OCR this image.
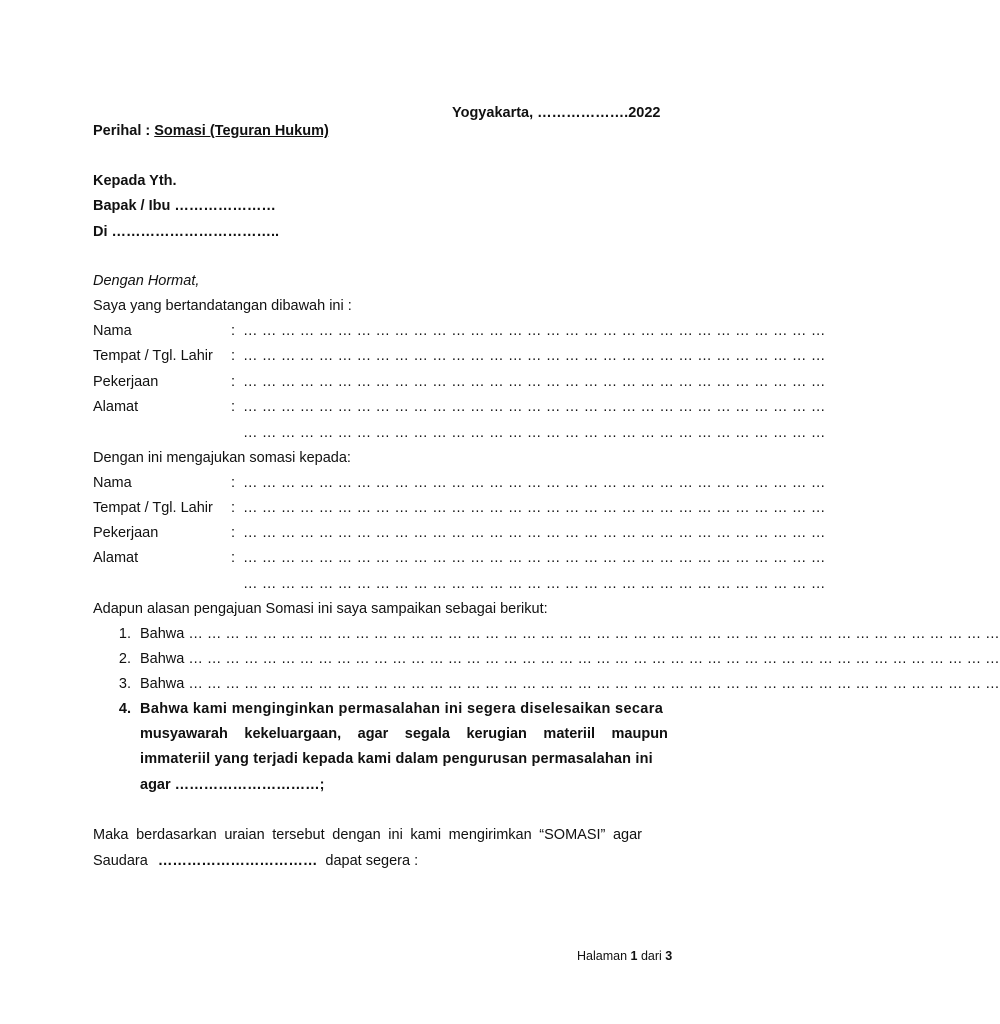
Yogyakarta, ……………….2022
Perihal : Somasi (Teguran Hukum)
Kepada Yth.
Bapak / Ibu …………………
Di ……………………………..
Dengan Hormat,
Saya yang bertandatangan dibawah ini :
Nama	: … … … … … … … … … … … … … … … … … … … … … … … … … … … … … … …
Tempat / Tgl. Lahir : … … … … … … … … … … … … … … … … … … … … … … … … … … … … … … …
Pekerjaan	: … … … … … … … … … … … … … … … … … … … … … … … … … … … … … … …
Alamat	: … … … … … … … … … … … … … … … … … … … … … … … … … … … … … … …
… … … … … … … … … … … … … … … … … … … … … … … … … … … … … … …
Dengan ini mengajukan somasi kepada:
Nama	: … … … … … … … … … … … … … … … … … … … … … … … … … … … … … … …
Tempat / Tgl. Lahir : … … … … … … … … … … … … … … … … … … … … … … … … … … … … … … …
Pekerjaan	: … … … … … … … … … … … … … … … … … … … … … … … … … … … … … … …
Alamat	: … … … … … … … … … … … … … … … … … … … … … … … … … … … … … … …
… … … … … … … … … … … … … … … … … … … … … … … … … … … … … … …
Adapun alasan pengajuan Somasi ini saya sampaikan sebagai berikut:
1. Bahwa … … … … … … … … … … … … … … … … … … … … … … … … … … … … … … … … … … … … … … … … … … … …
2. Bahwa … … … … … … … … … … … … … … … … … … … … … … … … … … … … … … … … … … … … … … … … … … … …
3. Bahwa … … … … … … … … … … … … … … … … … … … … … … … … … … … … … … … … … … … … … … … … … … … …
4. Bahwa kami menginginkan permasalahan ini segera diselesaikan secara
musyawarah kekeluargaan, agar segala kerugian materiil maupun
immateriil yang terjadi kepada kami dalam pengurusan permasalahan ini
agar …………………………;
Maka berdasarkan uraian tersebut dengan ini kami mengirimkan “SOMASI” agar
Saudara …………………………… dapat segera :
Halaman 1 dari 3
